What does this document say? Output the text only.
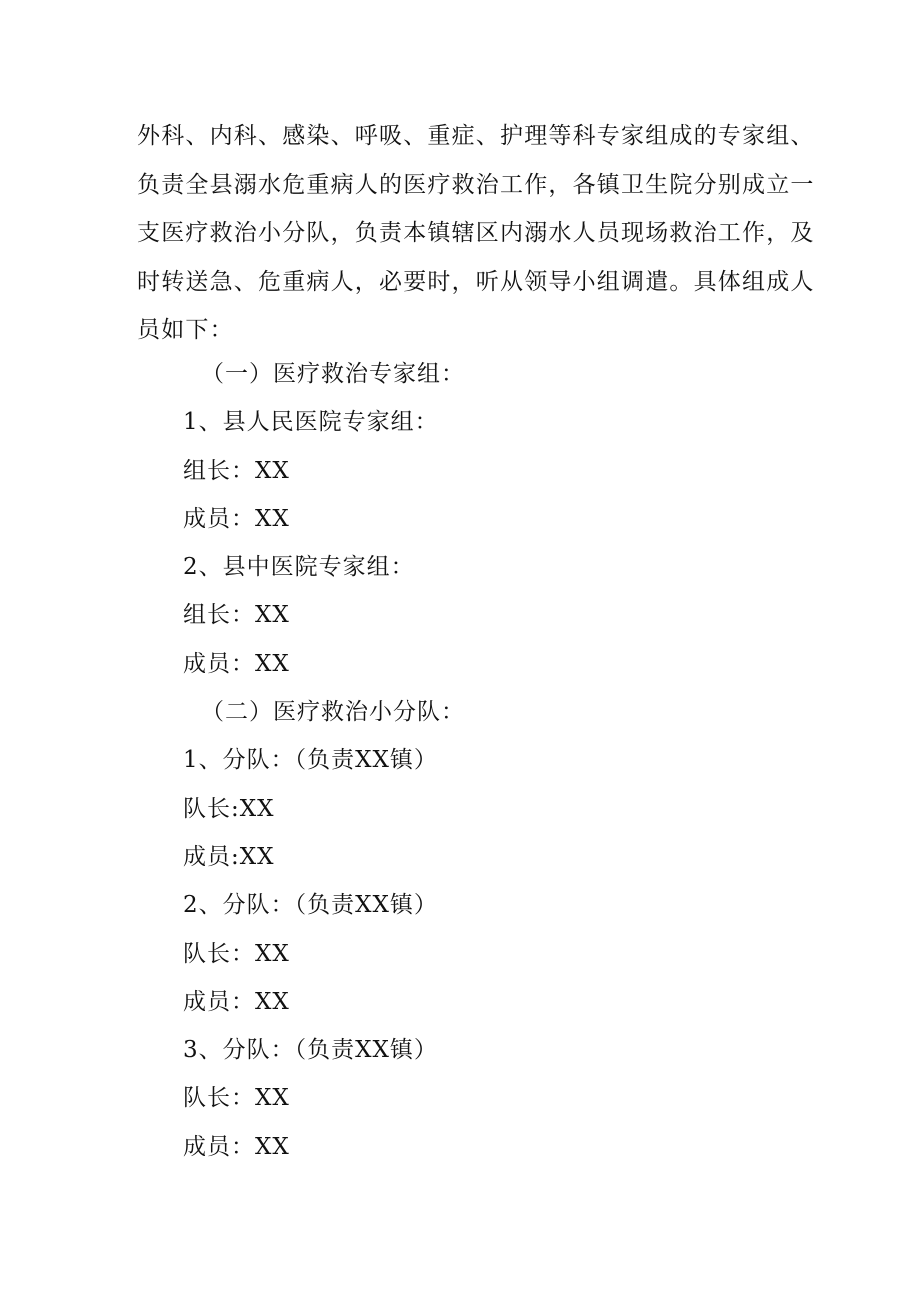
外科、内科、感染、呼吸、重症、护理等科专家组成的专家组、
负责全县溺水危重病人的医疗救治工作，各镇卫生院分别成立一
支医疗救治小分队，负责本镇辖区内溺水人员现场救治工作，及
时转送急、危重病人，必要时，听从领导小组调遣。具体组成人
员如下：

（一）医疗救治专家组：
1、县人民医院专家组：
组长：XX
成员：XX
2、县中医院专家组：
组长：XX
成员：XX
（二）医疗救治小分队：
1、分队：（负责XX镇）
队长:XX
成员:XX
2、分队：（负责XX镇）
队长：XX
成员：XX
3、分队：（负责XX镇）
队长：XX
成员：XX
